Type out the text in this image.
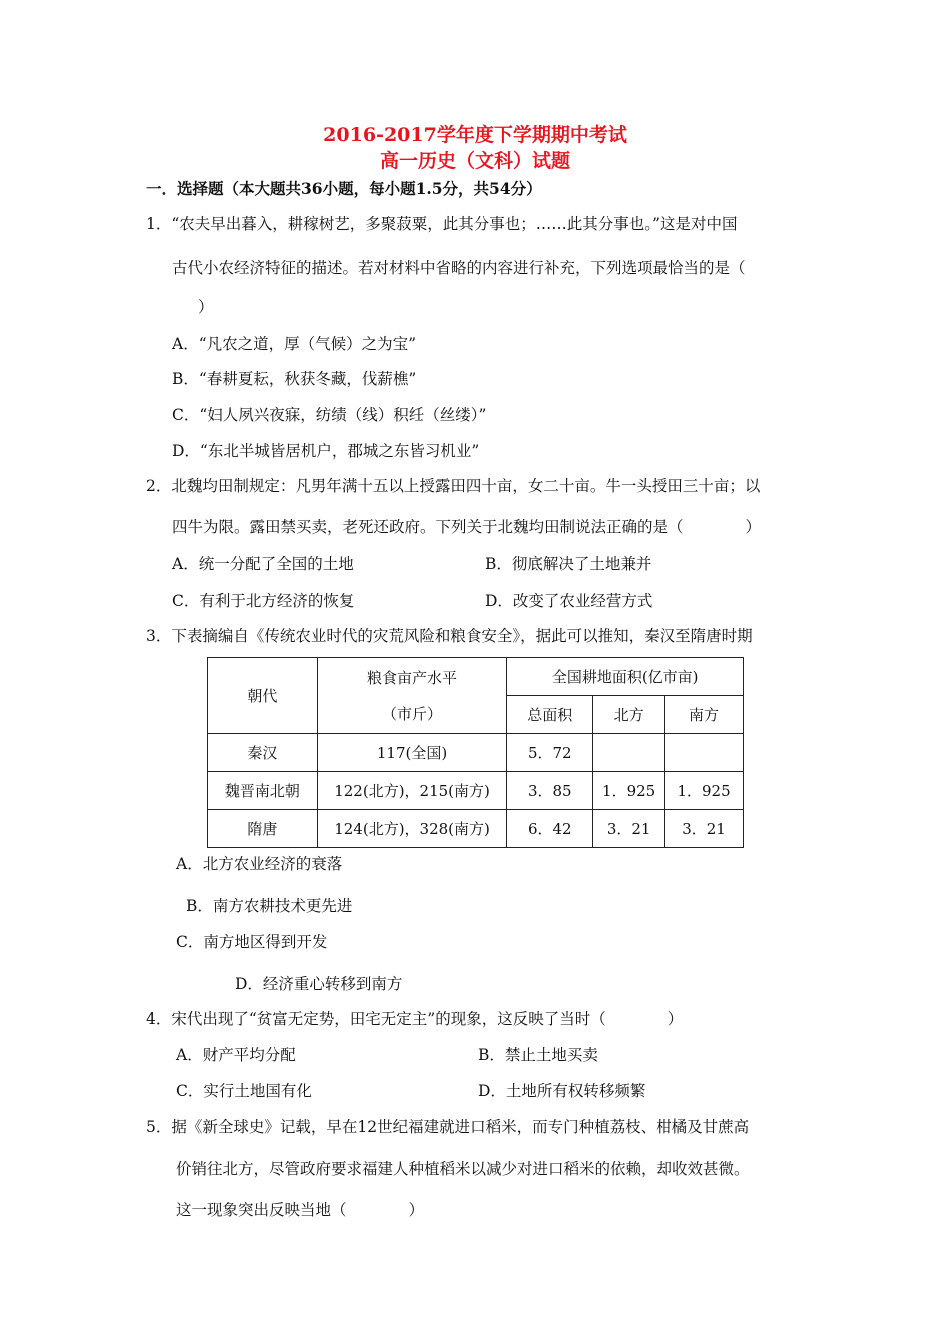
2016-2017学年度下学期期中考试
高一历史（文科）试题
一．选择题（本大题共36小题，每小题1.5分，共54分）
1．“农夫早出暮入，耕稼树艺，多聚菽粟，此其分事也；……此其分事也。”这是对中国
古代小农经济特征的描述。若对材料中省略的内容进行补充，下列选项最恰当的是（
）
A．“凡农之道，厚（气候）之为宝”
B．“春耕夏耘，秋获冬藏，伐薪樵”
C．“妇人夙兴夜寐，纺绩（线）积纴（丝缕）”
D．“东北半城皆居机户，郡城之东皆习机业”
2．北魏均田制规定：凡男年满十五以上授露田四十亩，女二十亩。牛一头授田三十亩；以
四牛为限。露田禁买卖，老死还政府。下列关于北魏均田制说法正确的是（　　　　）
A．统一分配了全国的土地	B．彻底解决了土地兼并
C．有利于北方经济的恢复	D．改变了农业经营方式
3．下表摘编自《传统农业时代的灾荒风险和粮食安全》，据此可以推知，秦汉至隋唐时期
朝代	粮食亩产水平
（市斤）	全国耕地面积(亿市亩)		
		总面积	北方	南方
秦汉	117(全国)	5．72		
魏晋南北朝	122(北方)，215(南方)	3．85	1．925	1．925
隋唐	124(北方)，328(南方)	6．42	3．21	3．21
A．北方农业经济的衰落
B．南方农耕技术更先进
C．南方地区得到开发
D．经济重心转移到南方
4．宋代出现了“贫富无定势，田宅无定主”的现象，这反映了当时（　　　　）
A．财产平均分配	B．禁止土地买卖
C．实行土地国有化	D．土地所有权转移频繁
5．据《新全球史》记载，早在12世纪福建就进口稻米，而专门种植荔枝、柑橘及甘蔗高
价销往北方，尽管政府要求福建人种植稻米以减少对进口稻米的依赖，却收效甚微。
这一现象突出反映当地（　　　　）
